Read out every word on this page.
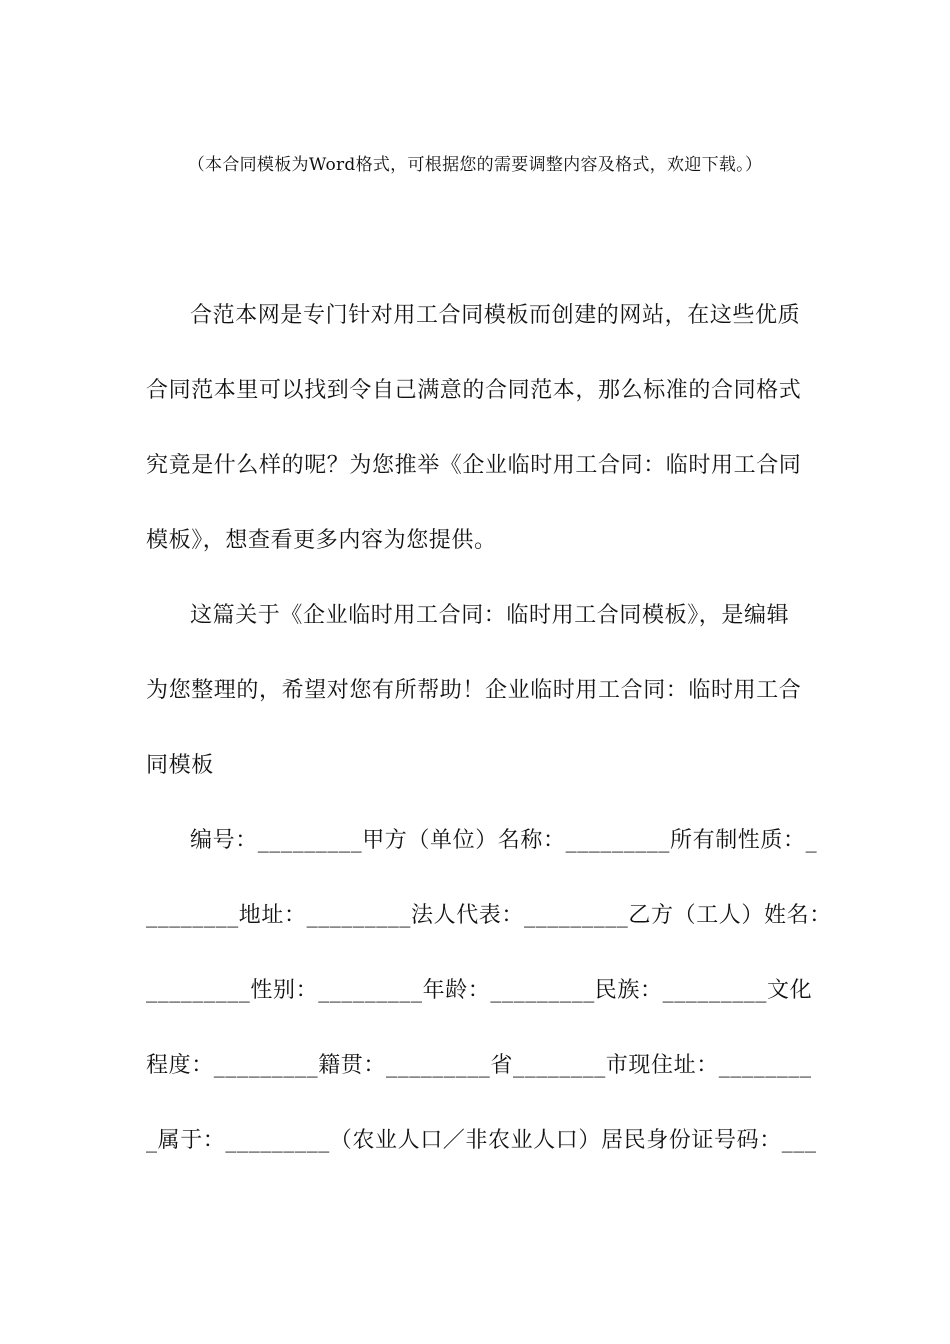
（本合同模板为Word格式，可根据您的需要调整内容及格式，欢迎下载。）
合范本网是专门针对用工合同模板而创建的网站，在这些优质
合同范本里可以找到令自己满意的合同范本，那么标准的合同格式
究竟是什么样的呢？为您推举《企业临时用工合同：临时用工合同
模板》，想查看更多内容为您提供。
这篇关于《企业临时用工合同：临时用工合同模板》，是编辑
为您整理的，希望对您有所帮助！企业临时用工合同：临时用工合
同模板
编号：_________甲方（单位）名称：_________所有制性质：_
________地址：_________法人代表：_________乙方（工人）姓名：
_________性别：_________年龄：_________民族：_________文化
程度：_________籍贯：_________省________市现住址：________
_属于：_________（农业人口／非农业人口）居民身份证号码：___
